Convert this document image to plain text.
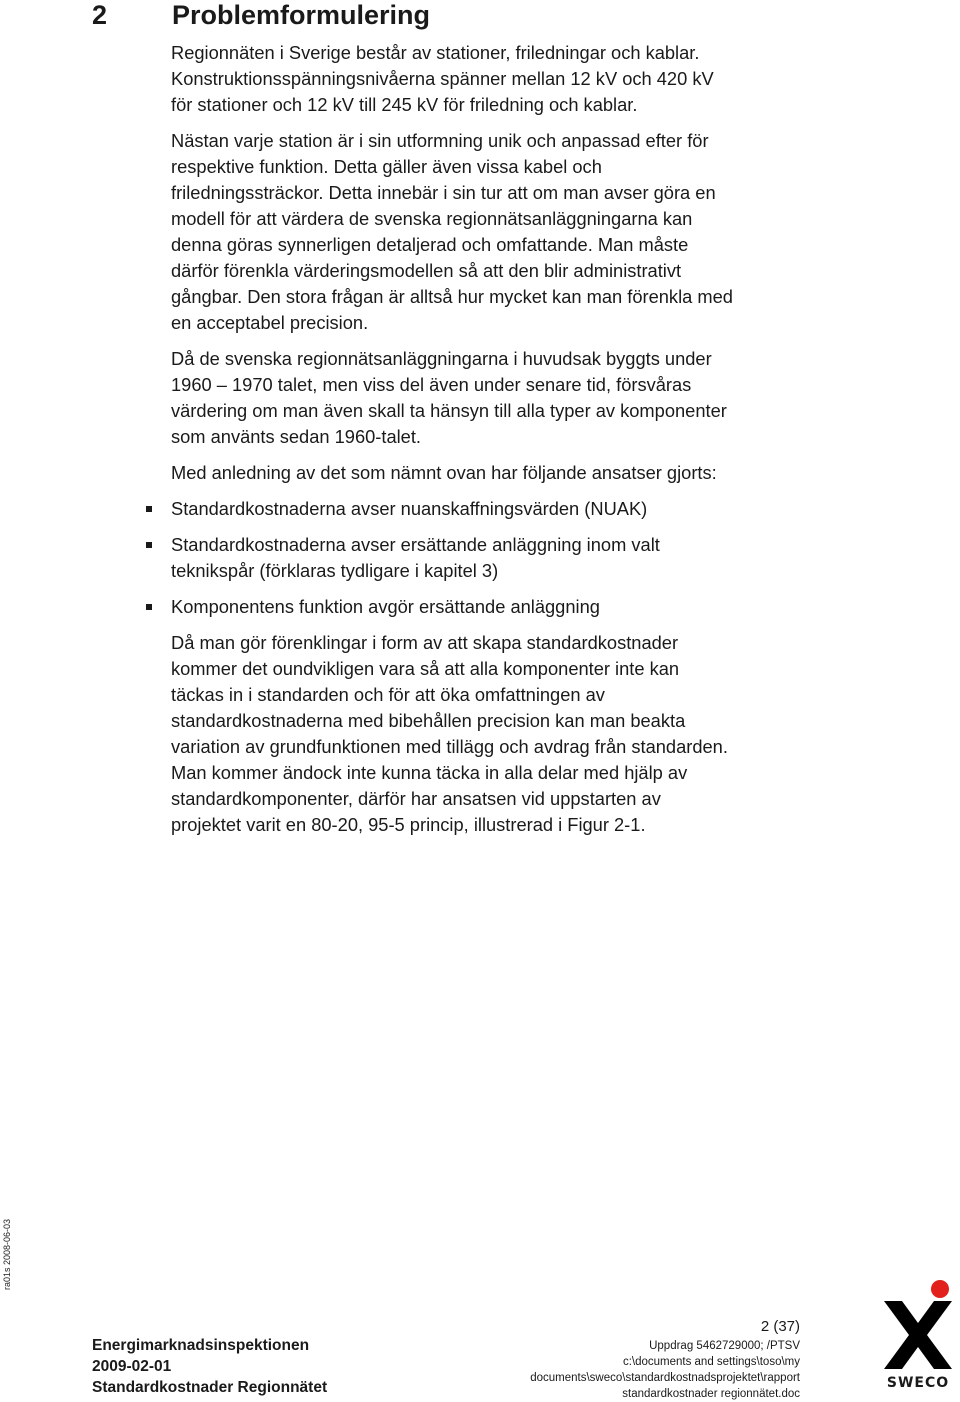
2 Problemformulering

Regionnäten i Sverige består av stationer, friledningar och kablar.
Konstruktionsspänningsnivåerna spänner mellan 12 kV och 420 kV
för stationer och 12 kV till 245 kV för friledning och kablar.

Nästan varje station är i sin utformning unik och anpassad efter för
respektive funktion. Detta gäller även vissa kabel och
friledningssträckor. Detta innebär i sin tur att om man avser göra en
modell för att värdera de svenska regionnätsanläggningarna kan
denna göras synnerligen detaljerad och omfattande. Man måste
därför förenkla värderingsmodellen så att den blir administrativt
gångbar. Den stora frågan är alltså hur mycket kan man förenkla med
en acceptabel precision.

Då de svenska regionnätsanläggningarna i huvudsak byggts under
1960 – 1970 talet, men viss del även under senare tid, försvåras
värdering om man även skall ta hänsyn till alla typer av komponenter
som använts sedan 1960-talet.

Med anledning av det som nämnt ovan har följande ansatser gjorts:

Standardkostnaderna avser nuanskaffningsvärden (NUAK)
Standardkostnaderna avser ersättande anläggning inom valt
teknikspår (förklaras tydligare i kapitel 3)
Komponentens funktion avgör ersättande anläggning

Då man gör förenklingar i form av att skapa standardkostnader
kommer det oundvikligen vara så att alla komponenter inte kan
täckas in i standarden och för att öka omfattningen av
standardkostnaderna med bibehållen precision kan man beakta
variation av grundfunktionen med tillägg och avdrag från standarden.
Man kommer ändock inte kunna täcka in alla delar med hjälp av
standardkomponenter, därför har ansatsen vid uppstarten av
projektet varit en 80-20, 95-5 princip, illustrerad i Figur 2-1.

ra01s 2008-06-03
2 (37)
Energimarknadsinspektionen
2009-02-01
Standardkostnader Regionnätet
Uppdrag 5462729000; /PTSV
c:\documents and settings\toso\my
documents\sweco\standardkostnadsprojektet\rapport
standardkostnader regionnätet.doc
SWECO
